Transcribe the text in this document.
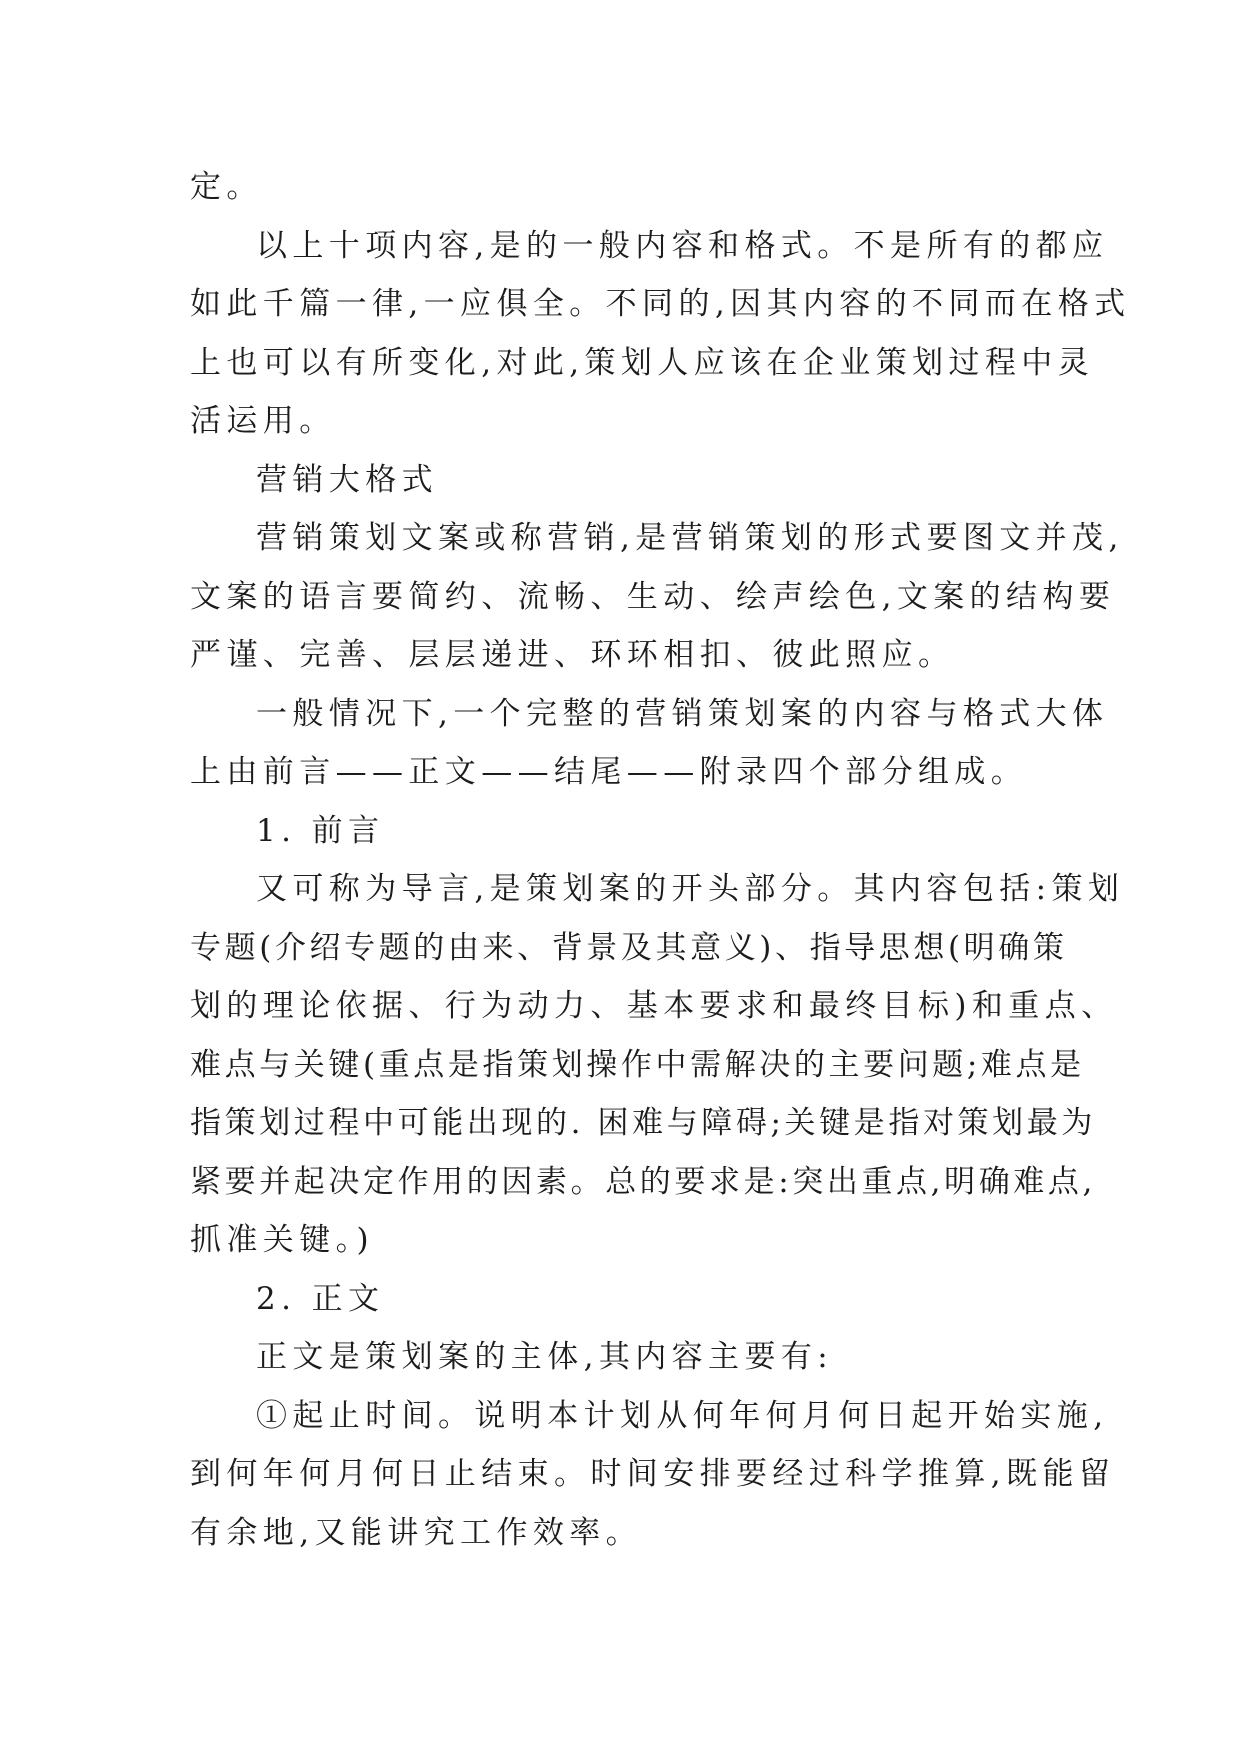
定。
以上十项内容,是的一般内容和格式。不是所有的都应
如此千篇一律,一应俱全。不同的,因其内容的不同而在格式
上也可以有所变化,对此,策划人应该在企业策划过程中灵
活运用。
营销大格式
营销策划文案或称营销,是营销策划的形式要图文并茂,
文案的语言要简约、流畅、生动、绘声绘色,文案的结构要
严谨、完善、层层递进、环环相扣、彼此照应。
一般情况下,一个完整的营销策划案的内容与格式大体
上由前言——正文——结尾——附录四个部分组成。
1. 前言
又可称为导言,是策划案的开头部分。其内容包括:策划
专题(介绍专题的由来、背景及其意义)、指导思想(明确策
划的理论依据、行为动力、基本要求和最终目标)和重点、
难点与关键(重点是指策划操作中需解决的主要问题;难点是
指策划过程中可能出现的. 困难与障碍;关键是指对策划最为
紧要并起决定作用的因素。总的要求是:突出重点,明确难点,
抓准关键。)
2. 正文
正文是策划案的主体,其内容主要有:
①起止时间。说明本计划从何年何月何日起开始实施,
到何年何月何日止结束。时间安排要经过科学推算,既能留
有余地,又能讲究工作效率。
